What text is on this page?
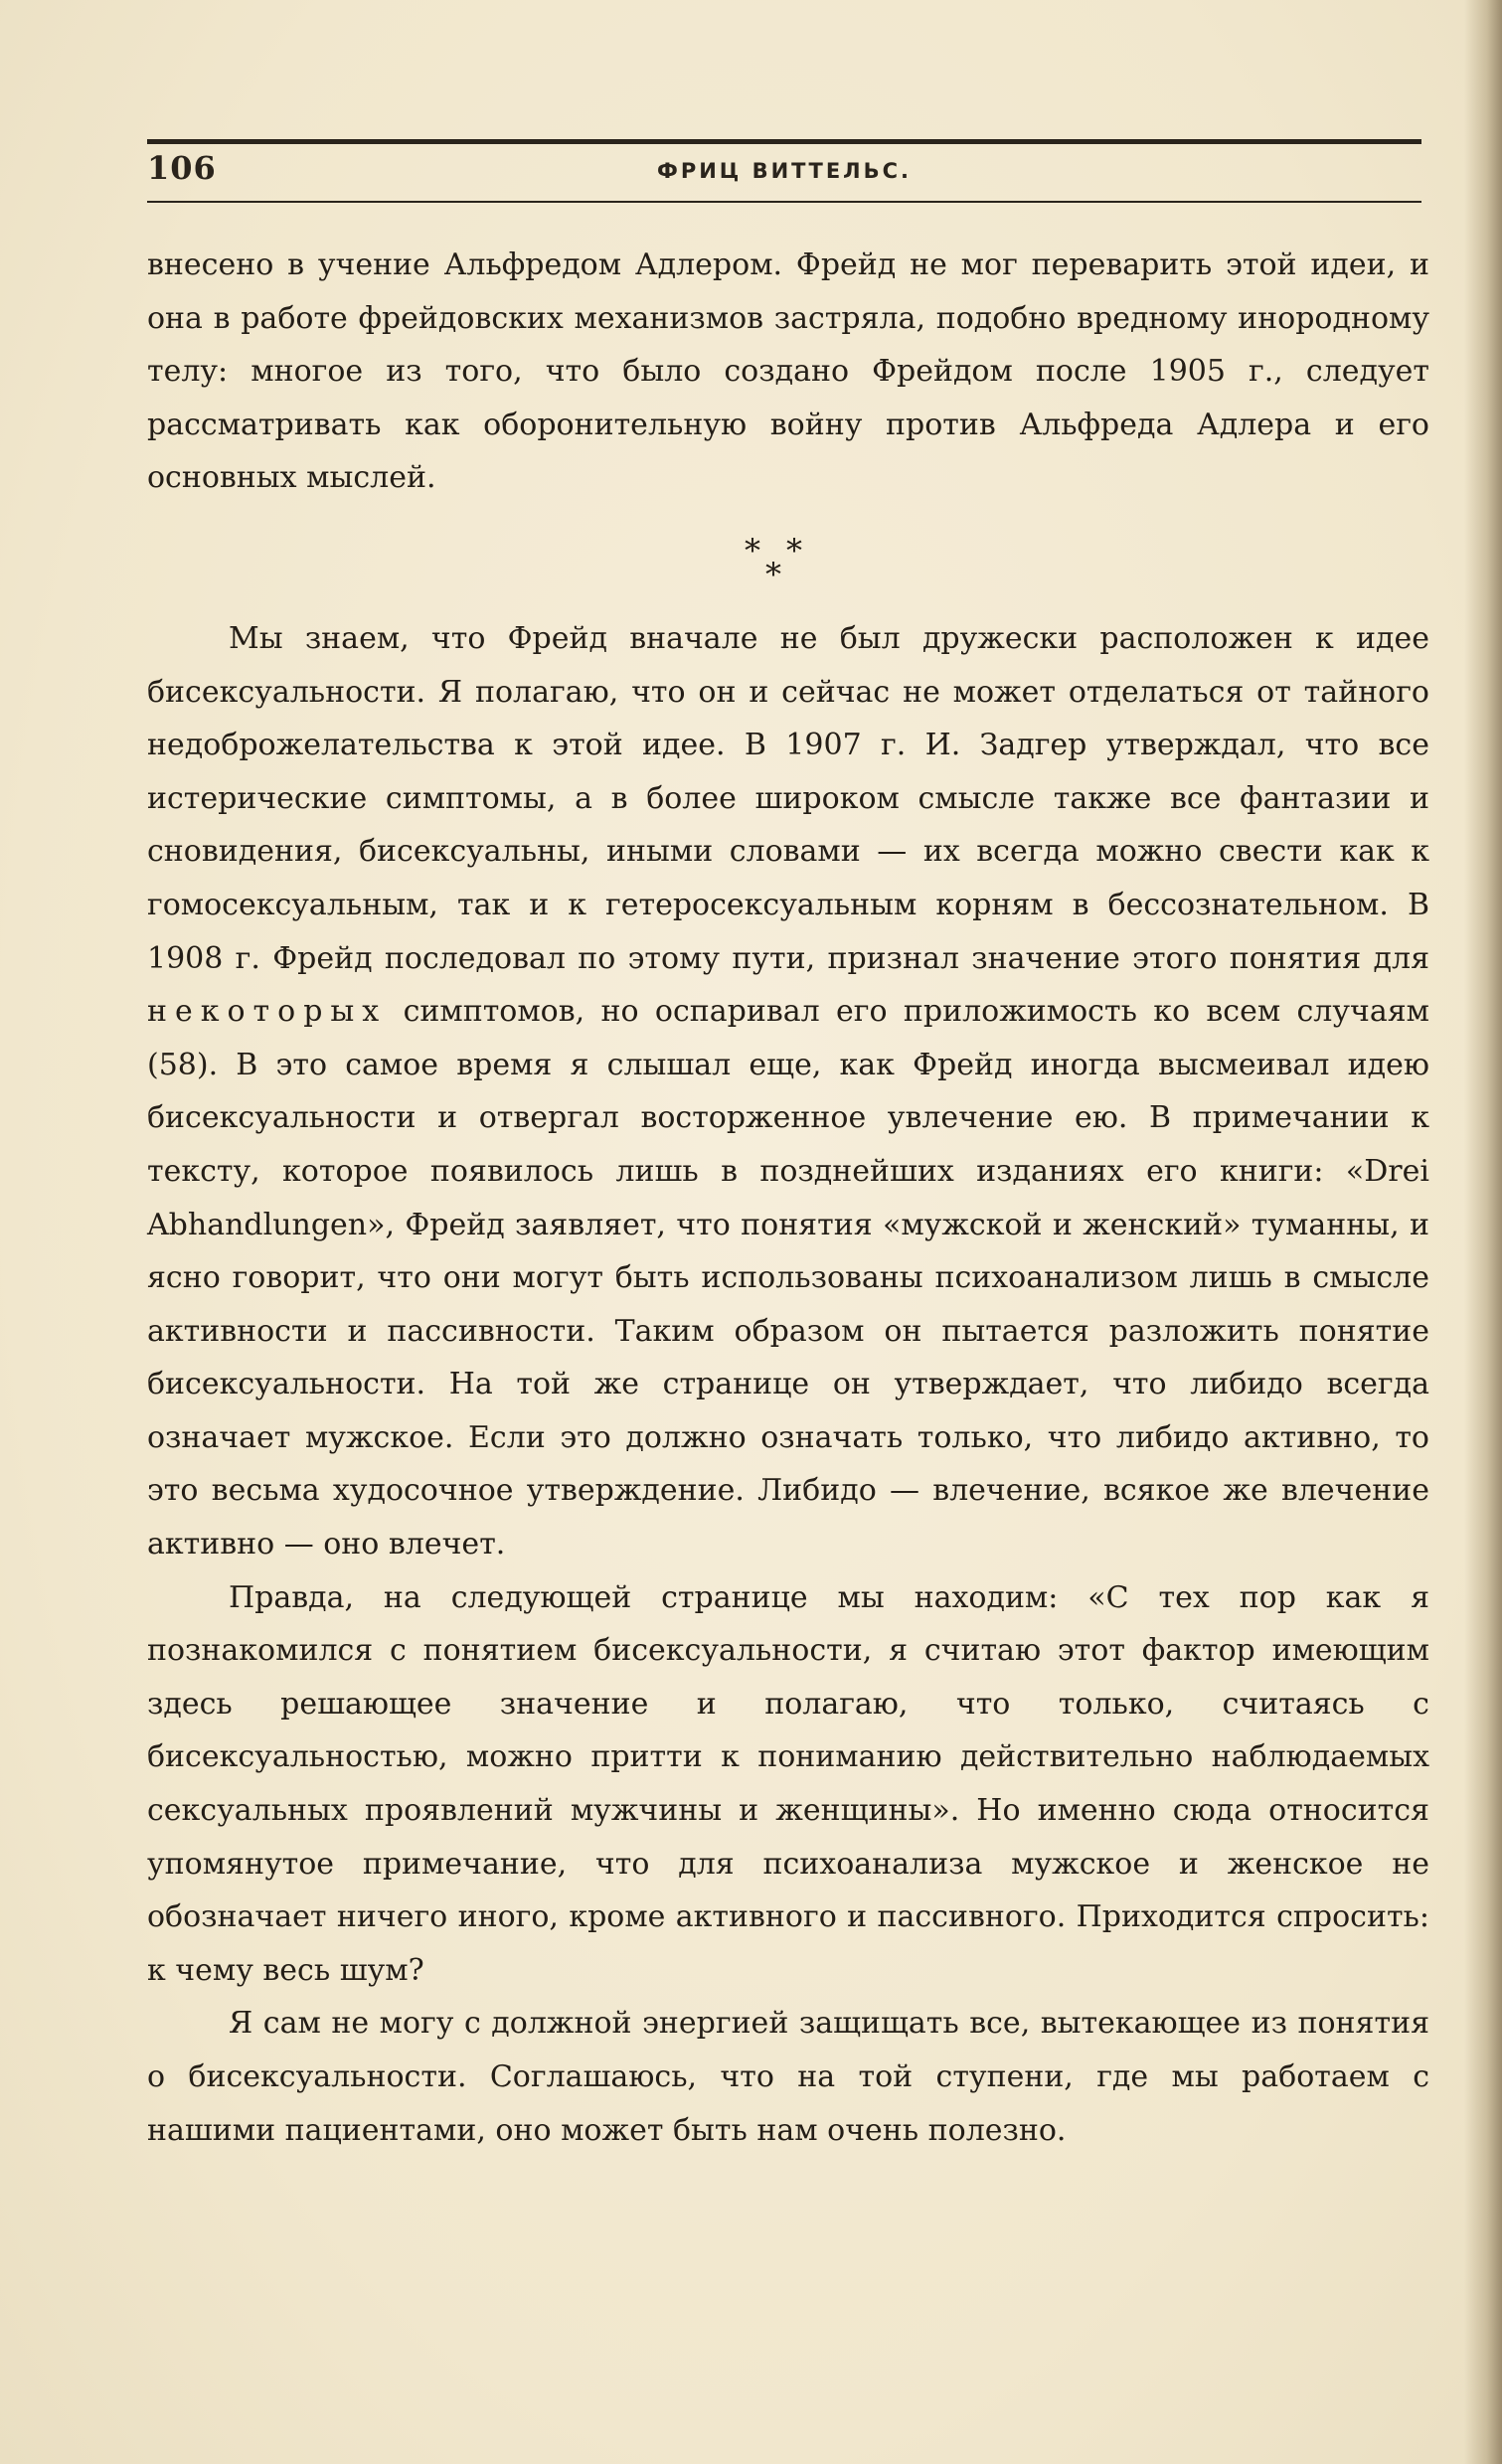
106	ФРИЦ ВИТТЕЛЬС.

внесено в учение Альфредом Адлером. Фрейд не мог переварить этой идеи, и она в работе фрейдовских механизмов застряла, подобно вредному инородному телу: многое из того, что было создано Фрейдом после 1905 г., следует рассматривать как оборонительную войну против Альфреда Адлера и его основных мыслей.

* *
*

Мы знаем, что Фрейд вначале не был дружески расположен к идее бисексуальности. Я полагаю, что он и сейчас не может отделаться от тайного недоброжелательства к этой идее. В 1907 г. И. Задгер утверждал, что все истерические симптомы, а в более широком смысле также все фантазии и сновидения, бисексуальны, иными словами — их всегда можно свести как к гомосексуальным, так и к гетеросексуальным корням в бессознательном. В 1908 г. Фрейд последовал по этому пути, признал значение этого понятия для некоторых симптомов, но оспаривал его приложимость ко всем случаям (58). В это самое время я слышал еще, как Фрейд иногда высмеивал идею бисексуальности и отвергал восторженное увлечение ею. В примечании к тексту, которое появилось лишь в позднейших изданиях его книги: «Drei Abhandlungen», Фрейд заявляет, что понятия «мужской и женский» туманны, и ясно говорит, что они могут быть использованы психоанализом лишь в смысле активности и пассивности. Таким образом он пытается разложить понятие бисексуальности. На той же странице он утверждает, что либидо всегда означает мужское. Если это должно означать только, что либидо активно, то это весьма худосочное утверждение. Либидо — влечение, всякое же влечение активно — оно влечет.

Правда, на следующей странице мы находим: «С тех пор как я познакомился с понятием бисексуальности, я считаю этот фактор имеющим здесь решающее значение и полагаю, что только, считаясь с бисексуальностью, можно притти к пониманию действительно наблюдаемых сексуальных проявлений мужчины и женщины». Но именно сюда относится упомянутое примечание, что для психоанализа мужское и женское не обозначает ничего иного, кроме активного и пассивного. Приходится спросить: к чему весь шум?

Я сам не могу с должной энергией защищать все, вытекающее из понятия о бисексуальности. Соглашаюсь, что на той ступени, где мы работаем с нашими пациентами, оно может быть нам очень полезно.
